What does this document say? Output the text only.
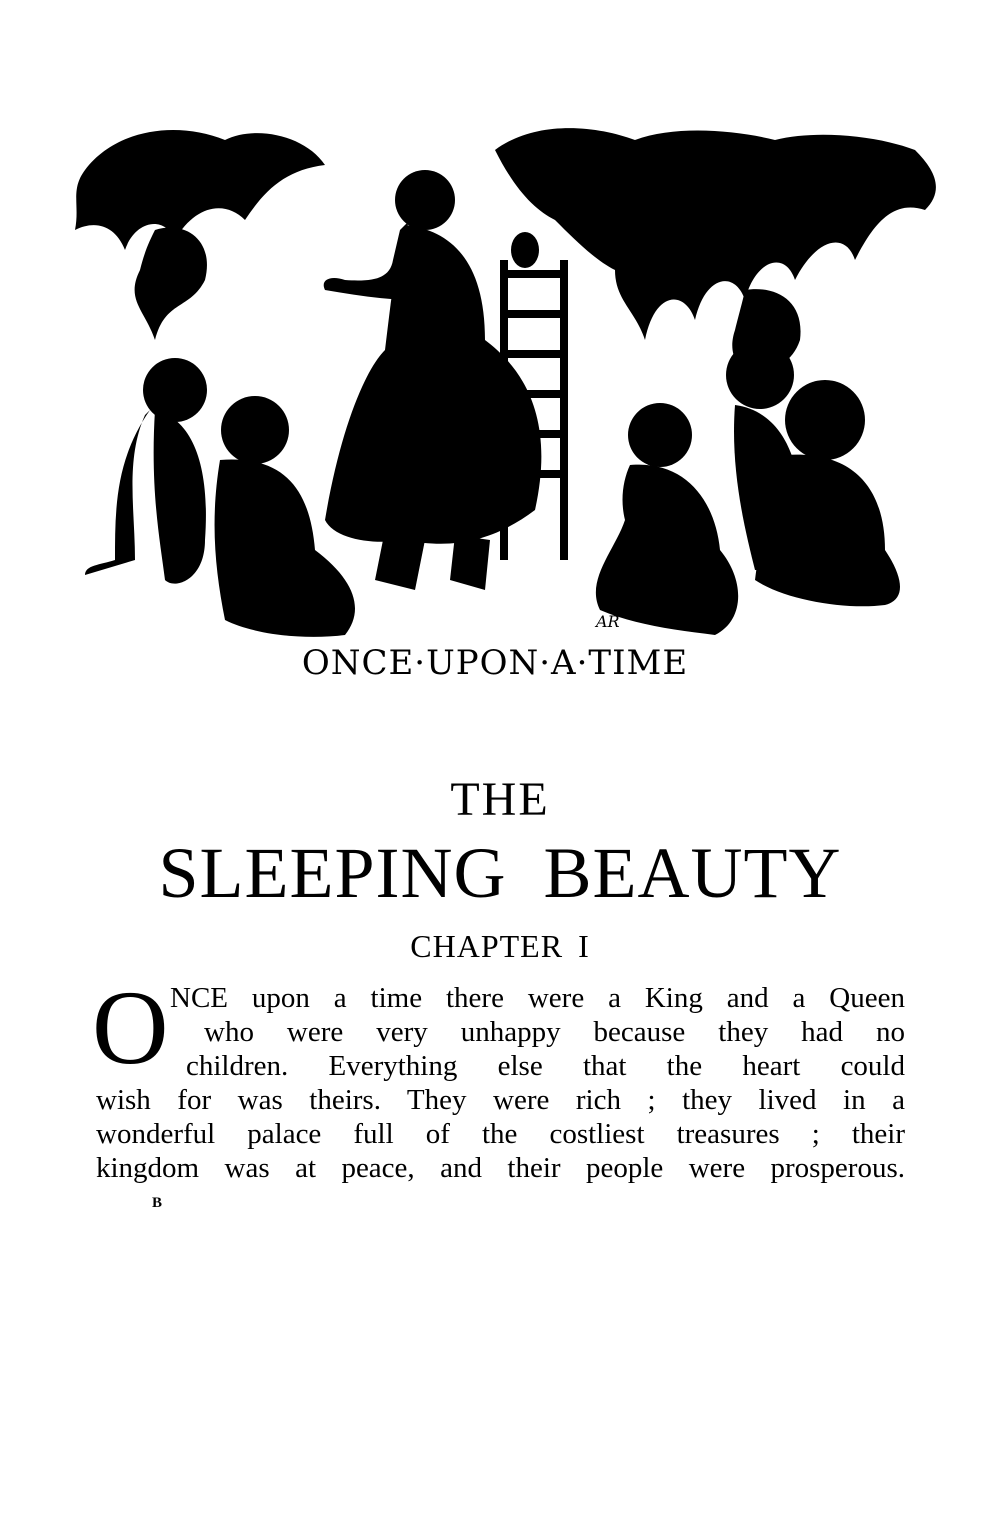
AR
ONCE·UPON·A·TIME
THE
SLEEPING BEAUTY
CHAPTER I
O NCE upon a time there were a King and a Queen
who were very unhappy because they had no
children. Everything else that the heart could
wish for was theirs. They were rich ; they lived in a
wonderful palace full of the costliest treasures ; their
kingdom was at peace, and their people were prosperous.
B
